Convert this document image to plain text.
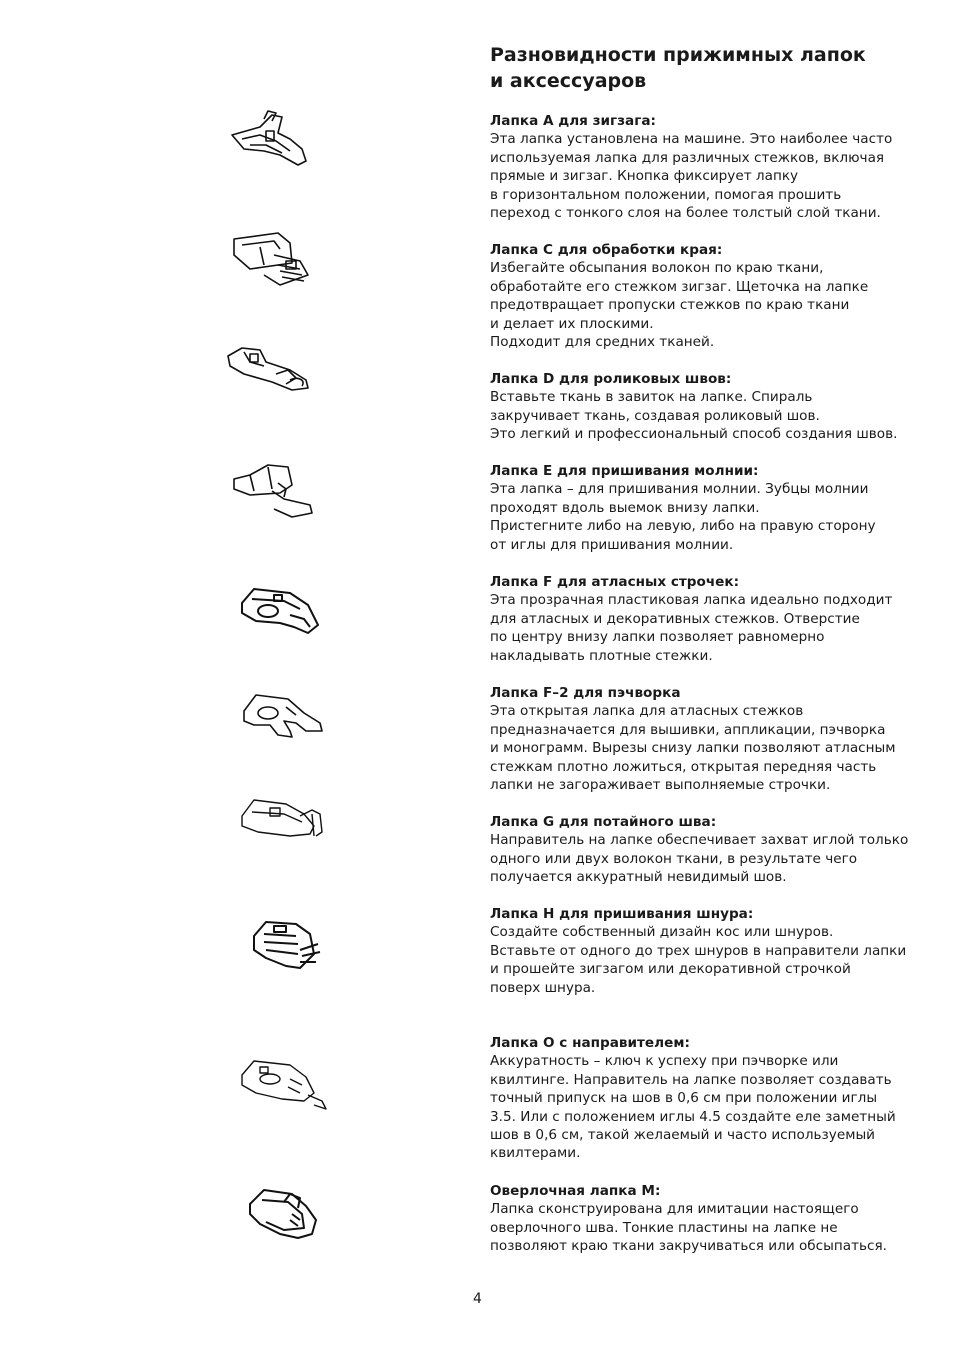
Разновидности прижимных лапок
и аксессуаров
Лапка A для зигзага:
Эта лапка установлена на машине. Это наиболее часто
используемая лапка для различных стежков, включая
прямые и зигзаг. Кнопка фиксирует лапку
в горизонтальном положении, помогая прошить
переход с тонкого слоя на более толстый слой ткани.
Лапка C для обработки края:
Избегайте обсыпания волокон по краю ткани,
обработайте его стежком зигзаг. Щеточка на лапке
предотвращает пропуски стежков по краю ткани
и делает их плоскими.
Подходит для средних тканей.
Лапка D для роликовых швов:
Вставьте ткань в завиток на лапке. Спираль
закручивает ткань, создавая роликовый шов.
Это легкий и профессиональный способ создания швов.
Лапка E для пришивания молнии:
Эта лапка – для пришивания молнии. Зубцы молнии
проходят вдоль выемок внизу лапки.
Пристегните либо на левую, либо на правую сторону
от иглы для пришивания молнии.
Лапка F для атласных строчек:
Эта прозрачная пластиковая лапка идеально подходит
для атласных и декоративных стежков. Отверстие
по центру внизу лапки позволяет равномерно
накладывать плотные стежки.
Лапка F–2 для пэчворка
Эта открытая лапка для атласных стежков
предназначается для вышивки, аппликации, пэчворка
и монограмм. Вырезы снизу лапки позволяют атласным
стежкам плотно ложиться, открытая передняя часть
лапки не загораживает выполняемые строчки.
Лапка G для потайного шва:
Направитель на лапке обеспечивает захват иглой только
одного или двух волокон ткани, в результате чего
получается аккуратный невидимый шов.
Лапка H для пришивания шнура:
Создайте собственный дизайн кос или шнуров.
Вставьте от одного до трех шнуров в направители лапки
и прошейте зигзагом или декоративной строчкой
поверх шнура.
Лапка O с направителем:
Аккуратность – ключ к успеху при пэчворке или
квилтинге. Направитель на лапке позволяет создавать
точный припуск на шов в 0,6 см при положении иглы
3.5. Или с положением иглы 4.5 создайте еле заметный
шов в 0,6 см, такой желаемый и часто используемый
квилтерами.
Оверлочная лапка M:
Лапка сконструирована для имитации настоящего
оверлочного шва. Тонкие пластины на лапке не
позволяют краю ткани закручиваться или обсыпаться.
4
